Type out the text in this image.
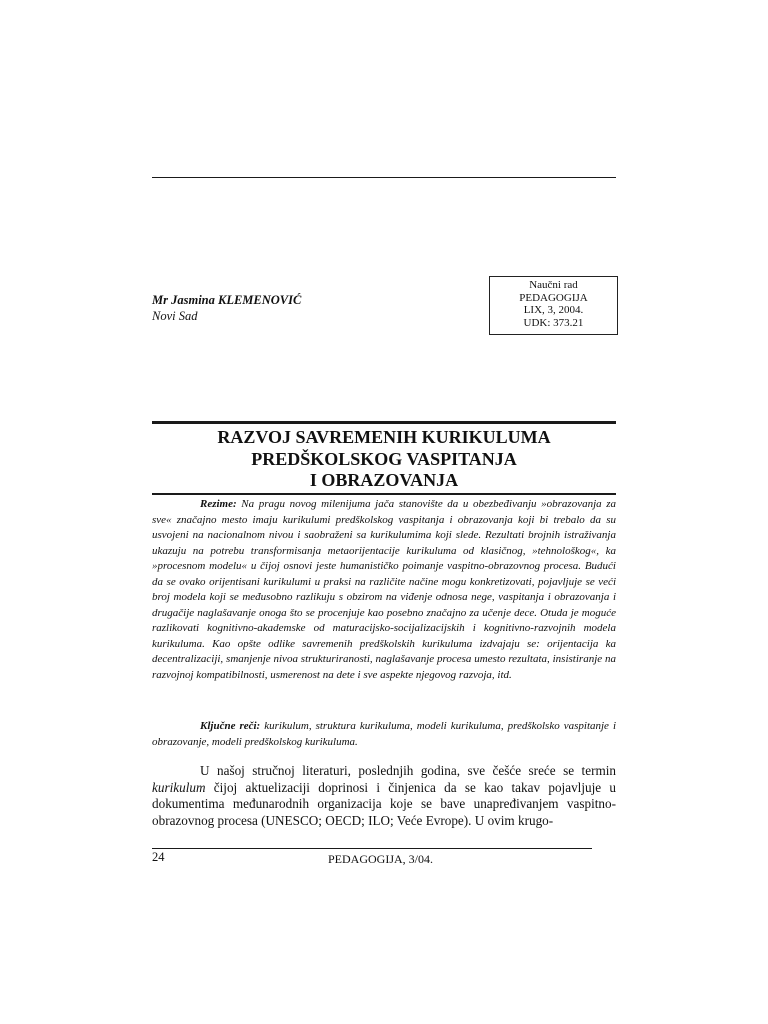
Mr Jasmina KLEMENOVIĆ
Novi Sad
Naučni rad
PEDAGOGIJA
LIX, 3, 2004.
UDK: 373.21
RAZVOJ SAVREMENIH KURIKULUMA
PREDŠKOLSKOG VASPITANJA
I OBRAZOVANJA

Rezime: Na pragu novog milenijuma jača stanovište da u obezbeđivanju »obrazovanja za sve« značajno mesto imaju kurikulumi predškolskog vaspitanja i obrazovanja koji bi trebalo da su usvojeni na nacionalnom nivou i saobraženi sa kurikulumima koji slede. Rezultati brojnih istraživanja ukazuju na potrebu transformisanja metaorijentacije kurikuluma od klasičnog, »tehnološkog«, ka »procesnom modelu« u čijoj osnovi jeste humanističko poimanje vaspitno-obrazovnog procesa. Budući da se ovako orijentisani kurikulumi u praksi na različite načine mogu konkretizovati, pojavljuje se veći broj modela koji se međusobno razlikuju s obzirom na viđenje odnosa nege, vaspitanja i obrazovanja i drugačije naglašavanje onoga što se procenjuje kao posebno značajno za učenje dece. Otuda je moguće razlikovati kognitivno-akademske od maturacijsko-socijalizacijskih i kognitivno-razvojnih modela kurikuluma. Kao opšte odlike savremenih predškolskih kurikuluma izdvajaju se: orijentacija ka decentralizaciji, smanjenje nivoa strukturiranosti, naglašavanje procesa umesto rezultata, insistiranje na razvojnoj kompatibilnosti, usmerenost na dete i sve aspekte njegovog razvoja, itd.

Ključne reči: kurikulum, struktura kurikuluma, modeli kurikuluma, predškolsko vaspitanje i obrazovanje, modeli predškolskog kurikuluma.

U našoj stručnoj literaturi, poslednjih godina, sve češće sreće se termin kurikulum čijoj aktuelizaciji doprinosi i činjenica da se kao takav pojavljuje u dokumentima međunarodnih organizacija koje se bave unapređivanjem vaspitno-obrazovnog procesa (UNESCO; OECD; ILO; Veće Evrope). U ovim krugo-

24	PEDAGOGIJA, 3/04.
